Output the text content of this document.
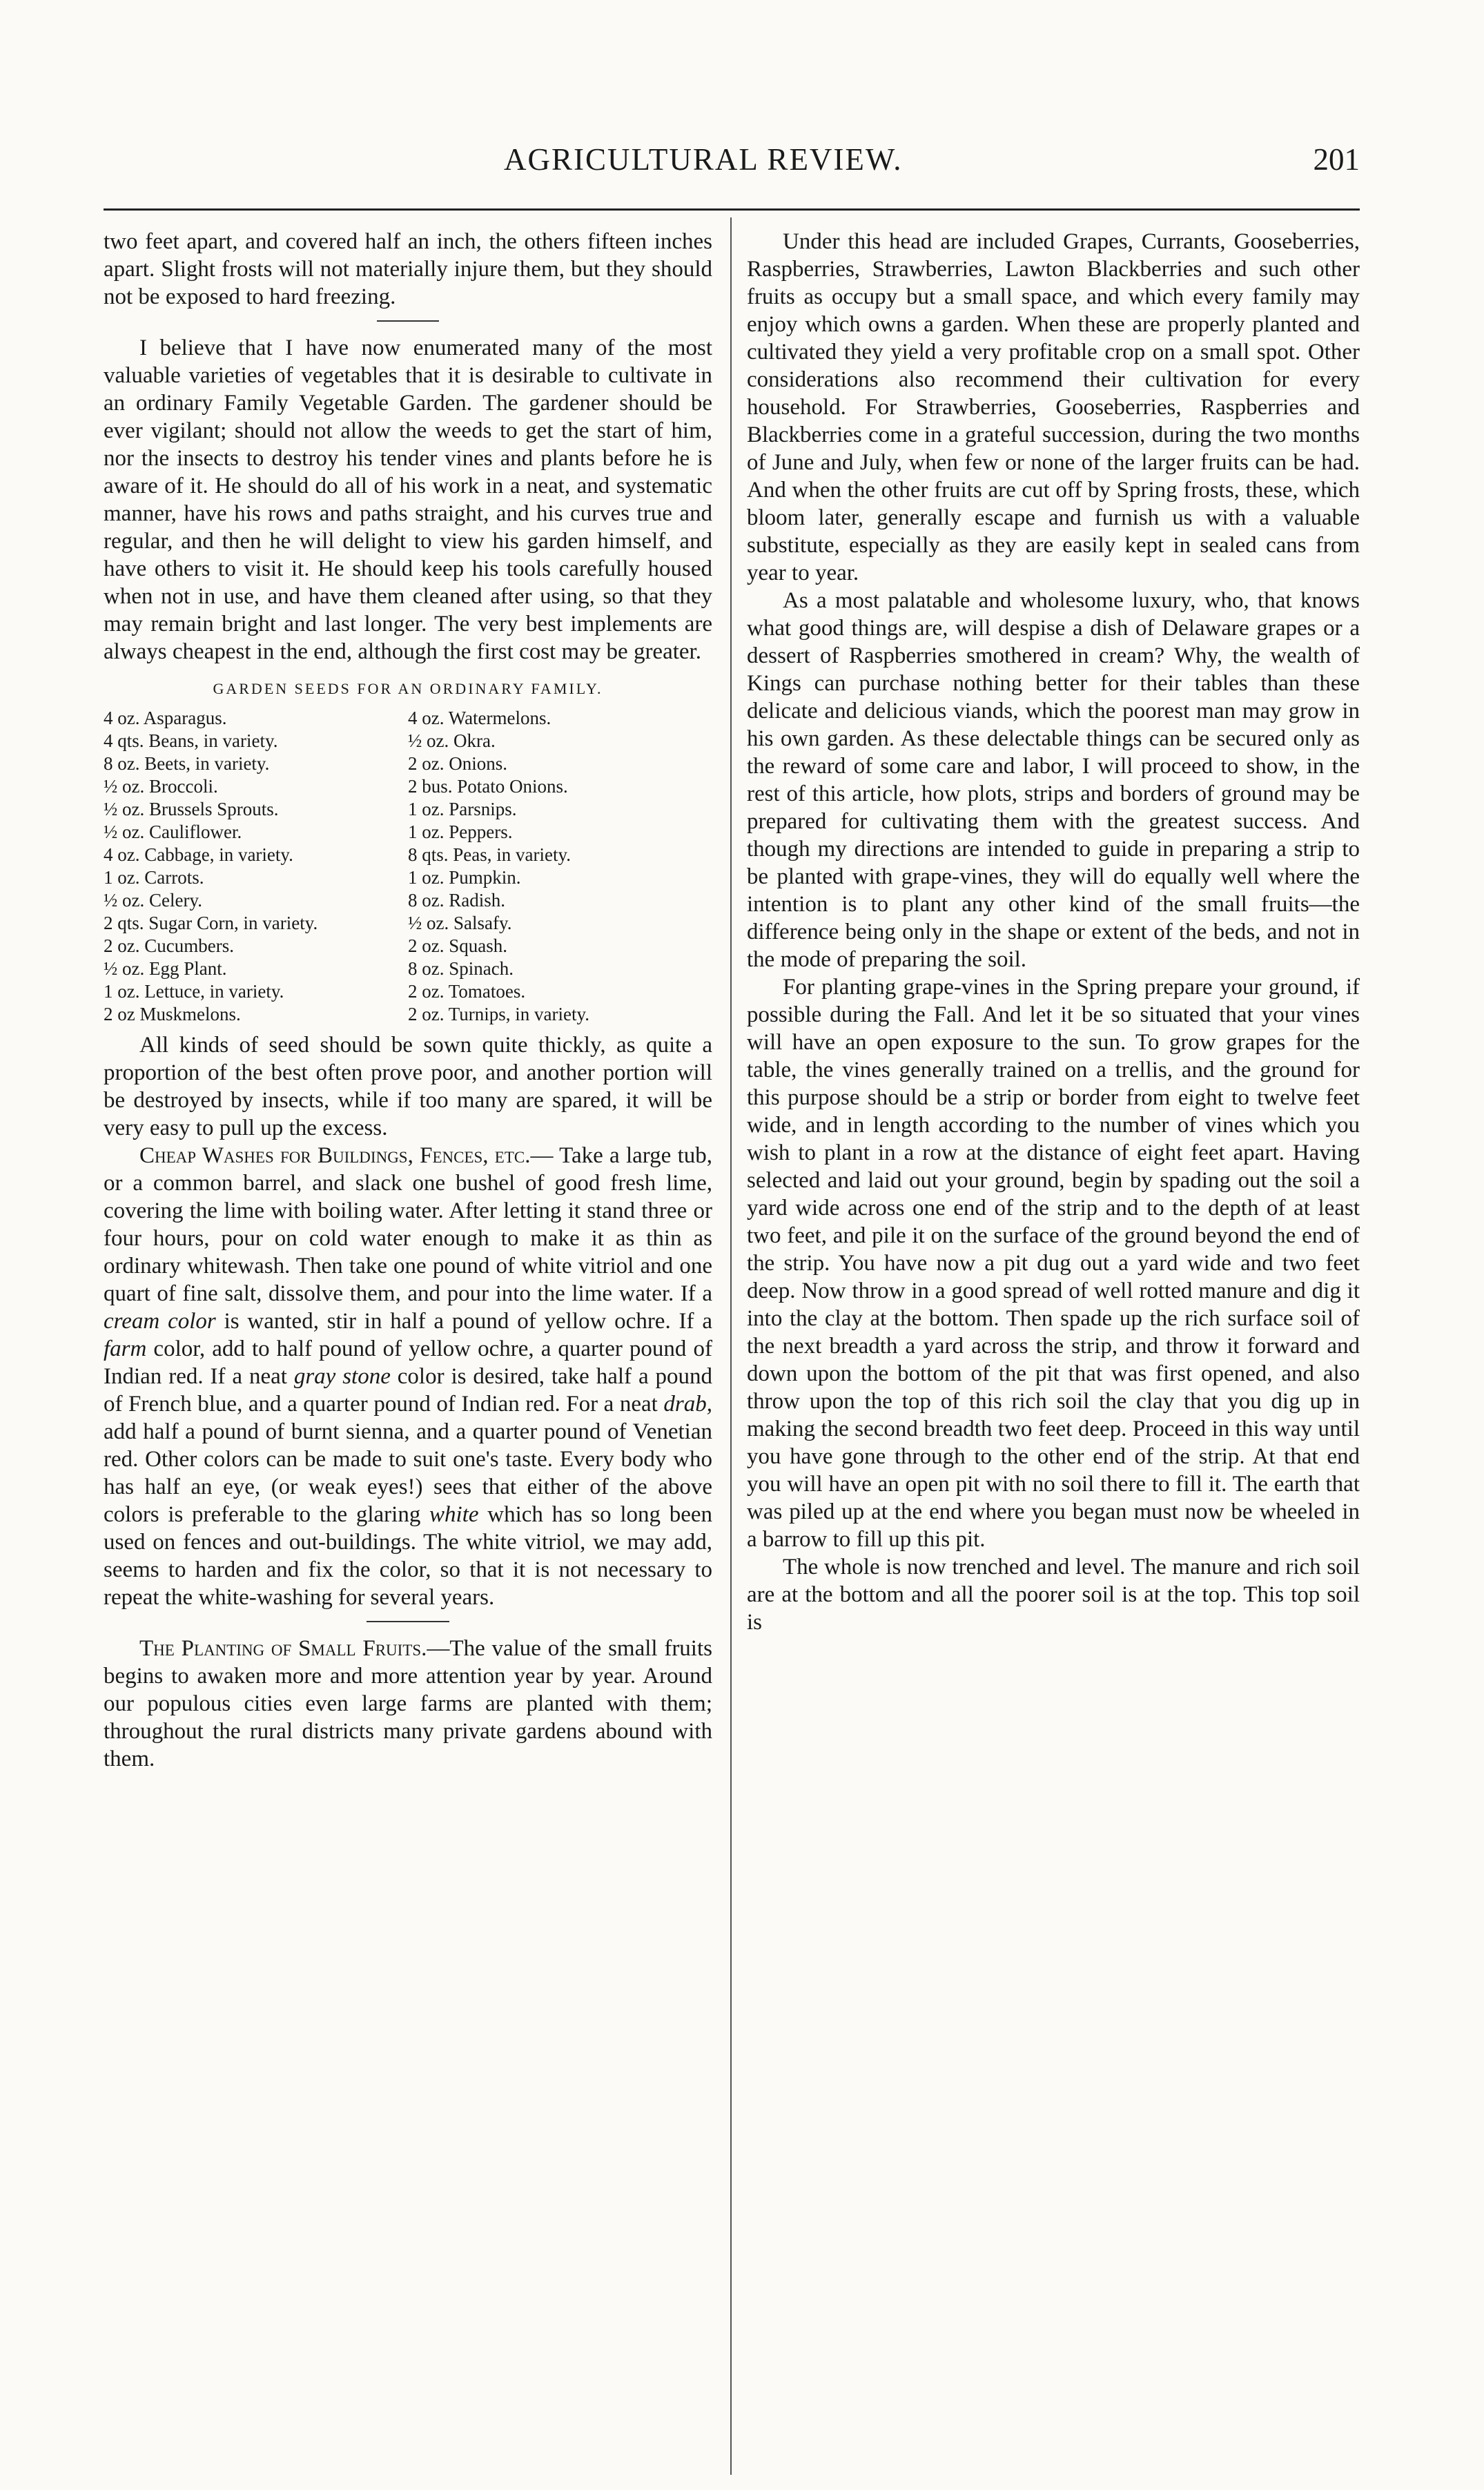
AGRICULTURAL REVIEW.	201

two feet apart, and covered half an inch, the others fifteen inches apart. Slight frosts will not materially injure them, but they should not be exposed to hard freezing.

I believe that I have now enumerated many of the most valuable varieties of vegetables that it is desirable to cultivate in an ordinary Family Vegetable Garden. The gardener should be ever vigilant; should not allow the weeds to get the start of him, nor the insects to destroy his tender vines and plants before he is aware of it. He should do all of his work in a neat, and systematic manner, have his rows and paths straight, and his curves true and regular, and then he will delight to view his garden himself, and have others to visit it. He should keep his tools carefully housed when not in use, and have them cleaned after using, so that they may remain bright and last longer. The very best implements are always cheapest in the end, although the first cost may be greater.

GARDEN SEEDS FOR AN ORDINARY FAMILY.
4 oz. Asparagus.	4 oz. Watermelons.
4 qts. Beans, in variety.	½ oz. Okra.
8 oz. Beets, in variety.	2 oz. Onions.
½ oz. Broccoli.	2 bus. Potato Onions.
½ oz. Brussels Sprouts.	1 oz. Parsnips.
½ oz. Cauliflower.	1 oz. Peppers.
4 oz. Cabbage, in variety.	8 qts. Peas, in variety.
1 oz. Carrots.	1 oz. Pumpkin.
½ oz. Celery.	8 oz. Radish.
2 qts. Sugar Corn, in variety.	½ oz. Salsafy.
2 oz. Cucumbers.	2 oz. Squash.
½ oz. Egg Plant.	8 oz. Spinach.
1 oz. Lettuce, in variety.	2 oz. Tomatoes.
2 oz Muskmelons.	2 oz. Turnips, in variety.

All kinds of seed should be sown quite thickly, as quite a proportion of the best often prove poor, and another portion will be destroyed by insects, while if too many are spared, it will be very easy to pull up the excess.

Cheap Washes for Buildings, Fences, etc.— Take a large tub, or a common barrel, and slack one bushel of good fresh lime, covering the lime with boiling water. After letting it stand three or four hours, pour on cold water enough to make it as thin as ordinary whitewash. Then take one pound of white vitriol and one quart of fine salt, dissolve them, and pour into the lime water. If a cream color is wanted, stir in half a pound of yellow ochre. If a farm color, add to half pound of yellow ochre, a quarter pound of Indian red. If a neat gray stone color is desired, take half a pound of French blue, and a quarter pound of Indian red. For a neat drab, add half a pound of burnt sienna, and a quarter pound of Venetian red. Other colors can be made to suit one's taste. Every body who has half an eye, (or weak eyes!) sees that either of the above colors is preferable to the glaring white which has so long been used on fences and out-buildings. The white vitriol, we may add, seems to harden and fix the color, so that it is not necessary to repeat the white-washing for several years.

The Planting of Small Fruits.—The value of the small fruits begins to awaken more and more attention year by year. Around our populous cities even large farms are planted with them; throughout the rural districts many private gardens abound with them.

Under this head are included Grapes, Currants, Gooseberries, Raspberries, Strawberries, Lawton Blackberries and such other fruits as occupy but a small space, and which every family may enjoy which owns a garden. When these are properly planted and cultivated they yield a very profitable crop on a small spot. Other considerations also recommend their cultivation for every household. For Strawberries, Gooseberries, Raspberries and Blackberries come in a grateful succession, during the two months of June and July, when few or none of the larger fruits can be had. And when the other fruits are cut off by Spring frosts, these, which bloom later, generally escape and furnish us with a valuable substitute, especially as they are easily kept in sealed cans from year to year.

As a most palatable and wholesome luxury, who, that knows what good things are, will despise a dish of Delaware grapes or a dessert of Raspberries smothered in cream? Why, the wealth of Kings can purchase nothing better for their tables than these delicate and delicious viands, which the poorest man may grow in his own garden. As these delectable things can be secured only as the reward of some care and labor, I will proceed to show, in the rest of this article, how plots, strips and borders of ground may be prepared for cultivating them with the greatest success. And though my directions are intended to guide in preparing a strip to be planted with grape-vines, they will do equally well where the intention is to plant any other kind of the small fruits—the difference being only in the shape or extent of the beds, and not in the mode of preparing the soil.

For planting grape-vines in the Spring prepare your ground, if possible during the Fall. And let it be so situated that your vines will have an open exposure to the sun. To grow grapes for the table, the vines generally trained on a trellis, and the ground for this purpose should be a strip or border from eight to twelve feet wide, and in length according to the number of vines which you wish to plant in a row at the distance of eight feet apart. Having selected and laid out your ground, begin by spading out the soil a yard wide across one end of the strip and to the depth of at least two feet, and pile it on the surface of the ground beyond the end of the strip. You have now a pit dug out a yard wide and two feet deep. Now throw in a good spread of well rotted manure and dig it into the clay at the bottom. Then spade up the rich surface soil of the next breadth a yard across the strip, and throw it forward and down upon the bottom of the pit that was first opened, and also throw upon the top of this rich soil the clay that you dig up in making the second breadth two feet deep. Proceed in this way until you have gone through to the other end of the strip. At that end you will have an open pit with no soil there to fill it. The earth that was piled up at the end where you began must now be wheeled in a barrow to fill up this pit.

The whole is now trenched and level. The manure and rich soil are at the bottom and all the poorer soil is at the top. This top soil is
